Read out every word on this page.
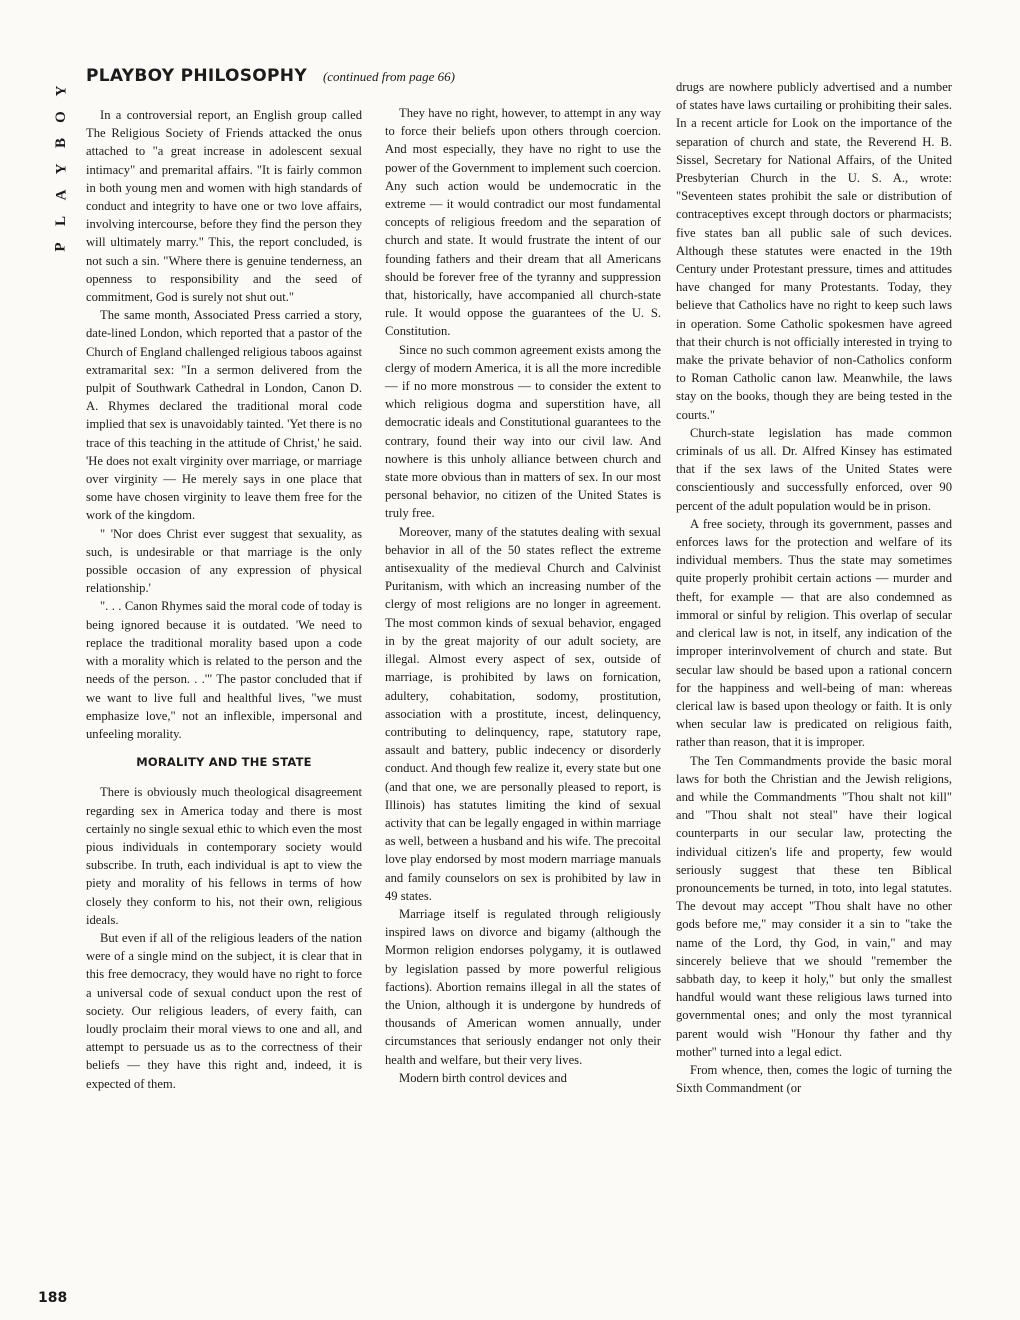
Y
O
B
Y
A
L
P
PLAYBOY PHILOSOPHY (continued from page 66)

In a controversial report, an English group called The Religious Society of Friends attacked the onus attached to "a great increase in adolescent sexual intimacy" and premarital affairs. "It is fairly common in both young men and women with high standards of conduct and integrity to have one or two love affairs, involving intercourse, before they find the person they will ultimately marry." This, the report concluded, is not such a sin. "Where there is genuine tenderness, an openness to responsibility and the seed of commitment, God is surely not shut out."

The same month, Associated Press carried a story, date-lined London, which reported that a pastor of the Church of England challenged religious taboos against extramarital sex: "In a sermon delivered from the pulpit of Southwark Cathedral in London, Canon D. A. Rhymes declared the traditional moral code implied that sex is unavoidably tainted. 'Yet there is no trace of this teaching in the attitude of Christ,' he said. 'He does not exalt virginity over marriage, or marriage over virginity — He merely says in one place that some have chosen virginity to leave them free for the work of the kingdom.

" 'Nor does Christ ever suggest that sexuality, as such, is undesirable or that marriage is the only possible occasion of any expression of physical relationship.'

". . . Canon Rhymes said the moral code of today is being ignored because it is outdated. 'We need to replace the traditional morality based upon a code with a morality which is related to the person and the needs of the person. . .'" The pastor concluded that if we want to live full and healthful lives, "we must emphasize love," not an inflexible, impersonal and unfeeling morality.

MORALITY AND THE STATE

There is obviously much theological disagreement regarding sex in America today and there is most certainly no single sexual ethic to which even the most pious individuals in contemporary society would subscribe. In truth, each individual is apt to view the piety and morality of his fellows in terms of how closely they conform to his, not their own, religious ideals.

But even if all of the religious leaders of the nation were of a single mind on the subject, it is clear that in this free democracy, they would have no right to force a universal code of sexual conduct upon the rest of society. Our religious leaders, of every faith, can loudly proclaim their moral views to one and all, and attempt to persuade us as to the correctness of their beliefs — they have this right and, indeed, it is expected of them.

They have no right, however, to attempt in any way to force their beliefs upon others through coercion. And most especially, they have no right to use the power of the Government to implement such coercion. Any such action would be undemocratic in the extreme — it would contradict our most fundamental concepts of religious freedom and the separation of church and state. It would frustrate the intent of our founding fathers and their dream that all Americans should be forever free of the tyranny and suppression that, historically, have accompanied all church-state rule. It would oppose the guarantees of the U. S. Constitution.

Since no such common agreement exists among the clergy of modern America, it is all the more incredible — if no more monstrous — to consider the extent to which religious dogma and superstition have, all democratic ideals and Constitutional guarantees to the contrary, found their way into our civil law. And nowhere is this unholy alliance between church and state more obvious than in matters of sex. In our most personal behavior, no citizen of the United States is truly free.

Moreover, many of the statutes dealing with sexual behavior in all of the 50 states reflect the extreme antisexuality of the medieval Church and Calvinist Puritanism, with which an increasing number of the clergy of most religions are no longer in agreement. The most common kinds of sexual behavior, engaged in by the great majority of our adult society, are illegal. Almost every aspect of sex, outside of marriage, is prohibited by laws on fornication, adultery, cohabitation, sodomy, prostitution, association with a prostitute, incest, delinquency, contributing to delinquency, rape, statutory rape, assault and battery, public indecency or disorderly conduct. And though few realize it, every state but one (and that one, we are personally pleased to report, is Illinois) has statutes limiting the kind of sexual activity that can be legally engaged in within marriage as well, between a husband and his wife. The precoital love play endorsed by most modern marriage manuals and family counselors on sex is prohibited by law in 49 states.

Marriage itself is regulated through religiously inspired laws on divorce and bigamy (although the Mormon religion endorses polygamy, it is outlawed by legislation passed by more powerful religious factions). Abortion remains illegal in all the states of the Union, although it is undergone by hundreds of thousands of American women annually, under circumstances that seriously endanger not only their health and welfare, but their very lives.

Modern birth control devices and

drugs are nowhere publicly advertised and a number of states have laws curtailing or prohibiting their sales. In a recent article for Look on the importance of the separation of church and state, the Reverend H. B. Sissel, Secretary for National Affairs, of the United Presbyterian Church in the U. S. A., wrote: "Seventeen states prohibit the sale or distribution of contraceptives except through doctors or pharmacists; five states ban all public sale of such devices. Although these statutes were enacted in the 19th Century under Protestant pressure, times and attitudes have changed for many Protestants. Today, they believe that Catholics have no right to keep such laws in operation. Some Catholic spokesmen have agreed that their church is not officially interested in trying to make the private behavior of non-Catholics conform to Roman Catholic canon law. Meanwhile, the laws stay on the books, though they are being tested in the courts."

Church-state legislation has made common criminals of us all. Dr. Alfred Kinsey has estimated that if the sex laws of the United States were conscientiously and successfully enforced, over 90 percent of the adult population would be in prison.

A free society, through its government, passes and enforces laws for the protection and welfare of its individual members. Thus the state may sometimes quite properly prohibit certain actions — murder and theft, for example — that are also condemned as immoral or sinful by religion. This overlap of secular and clerical law is not, in itself, any indication of the improper interinvolvement of church and state. But secular law should be based upon a rational concern for the happiness and well-being of man: whereas clerical law is based upon theology or faith. It is only when secular law is predicated on religious faith, rather than reason, that it is improper.

The Ten Commandments provide the basic moral laws for both the Christian and the Jewish religions, and while the Commandments "Thou shalt not kill" and "Thou shalt not steal" have their logical counterparts in our secular law, protecting the individual citizen's life and property, few would seriously suggest that these ten Biblical pronouncements be turned, in toto, into legal statutes. The devout may accept "Thou shalt have no other gods before me," may consider it a sin to "take the name of the Lord, thy God, in vain," and may sincerely believe that we should "remember the sabbath day, to keep it holy," but only the smallest handful would want these religious laws turned into governmental ones; and only the most tyrannical parent would wish "Honour thy father and thy mother" turned into a legal edict.

From whence, then, comes the logic of turning the Sixth Commandment (or

188
